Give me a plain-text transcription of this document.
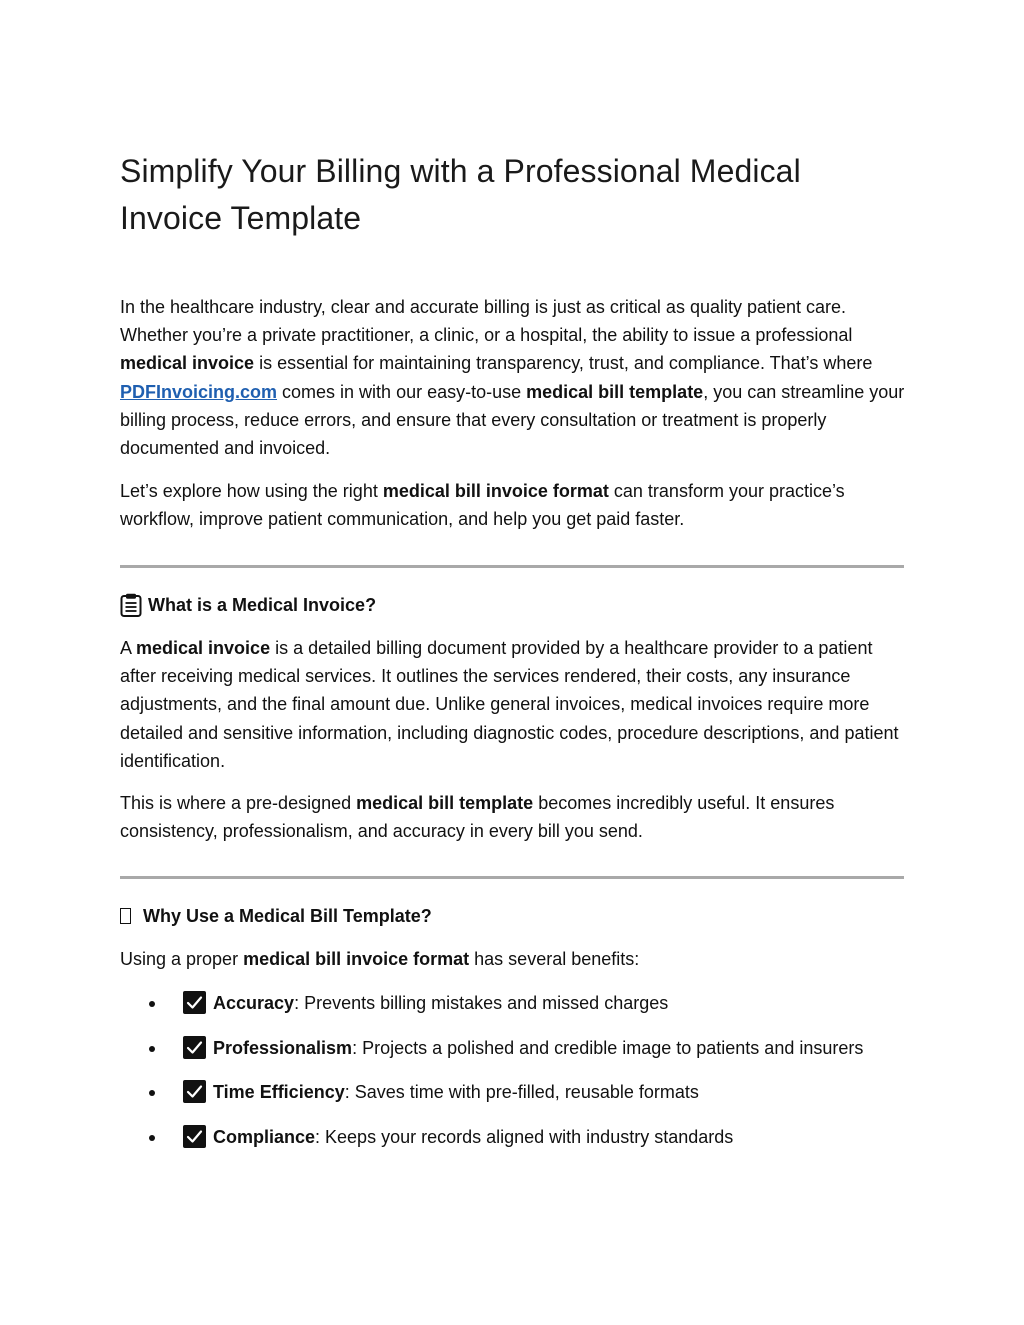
Simplify Your Billing with a Professional Medical Invoice Template

In the healthcare industry, clear and accurate billing is just as critical as quality patient care. Whether you’re a private practitioner, a clinic, or a hospital, the ability to issue a professional medical invoice is essential for maintaining transparency, trust, and compliance. That’s where PDFInvoicing.com comes in with our easy-to-use medical bill template, you can streamline your billing process, reduce errors, and ensure that every consultation or treatment is properly documented and invoiced.

Let’s explore how using the right medical bill invoice format can transform your practice’s workflow, improve patient communication, and help you get paid faster.

What is a Medical Invoice?

A medical invoice is a detailed billing document provided by a healthcare provider to a patient after receiving medical services. It outlines the services rendered, their costs, any insurance adjustments, and the final amount due. Unlike general invoices, medical invoices require more detailed and sensitive information, including diagnostic codes, procedure descriptions, and patient identification.

This is where a pre-designed medical bill template becomes incredibly useful. It ensures consistency, professionalism, and accuracy in every bill you send.

Why Use a Medical Bill Template?

Using a proper medical bill invoice format has several benefits:

Accuracy: Prevents billing mistakes and missed charges
Professionalism: Projects a polished and credible image to patients and insurers
Time Efficiency: Saves time with pre-filled, reusable formats
Compliance: Keeps your records aligned with industry standards
